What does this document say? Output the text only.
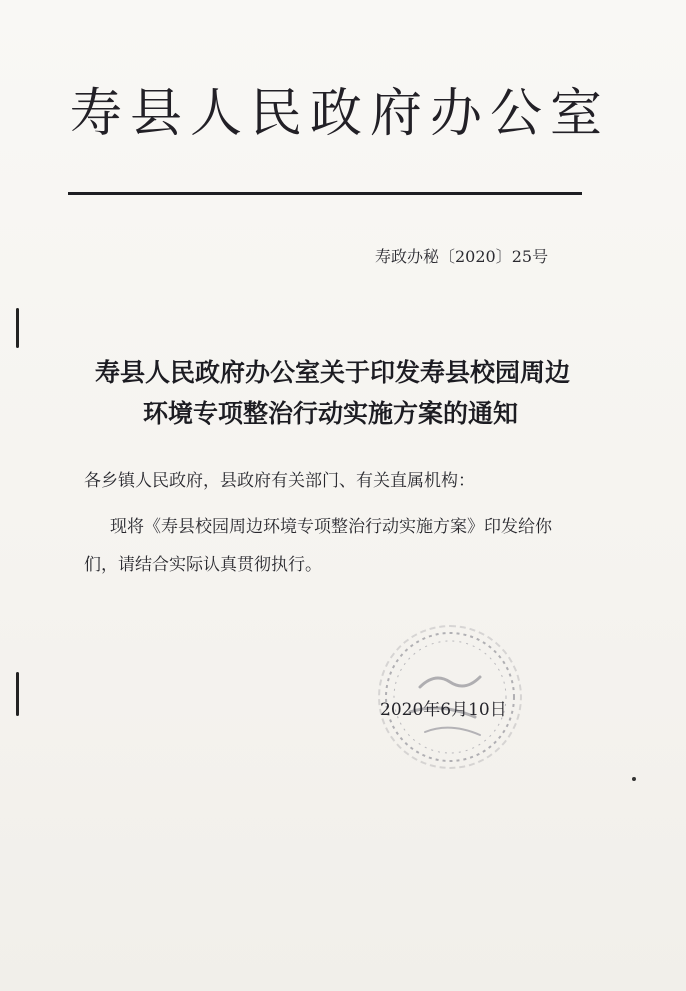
寿县人民政府办公室
寿政办秘〔2020〕25号
寿县人民政府办公室关于印发寿县校园周边
环境专项整治行动实施方案的通知
各乡镇人民政府，县政府有关部门、有关直属机构：
现将《寿县校园周边环境专项整治行动实施方案》印发给你
们，请结合实际认真贯彻执行。
2020年6月10日
